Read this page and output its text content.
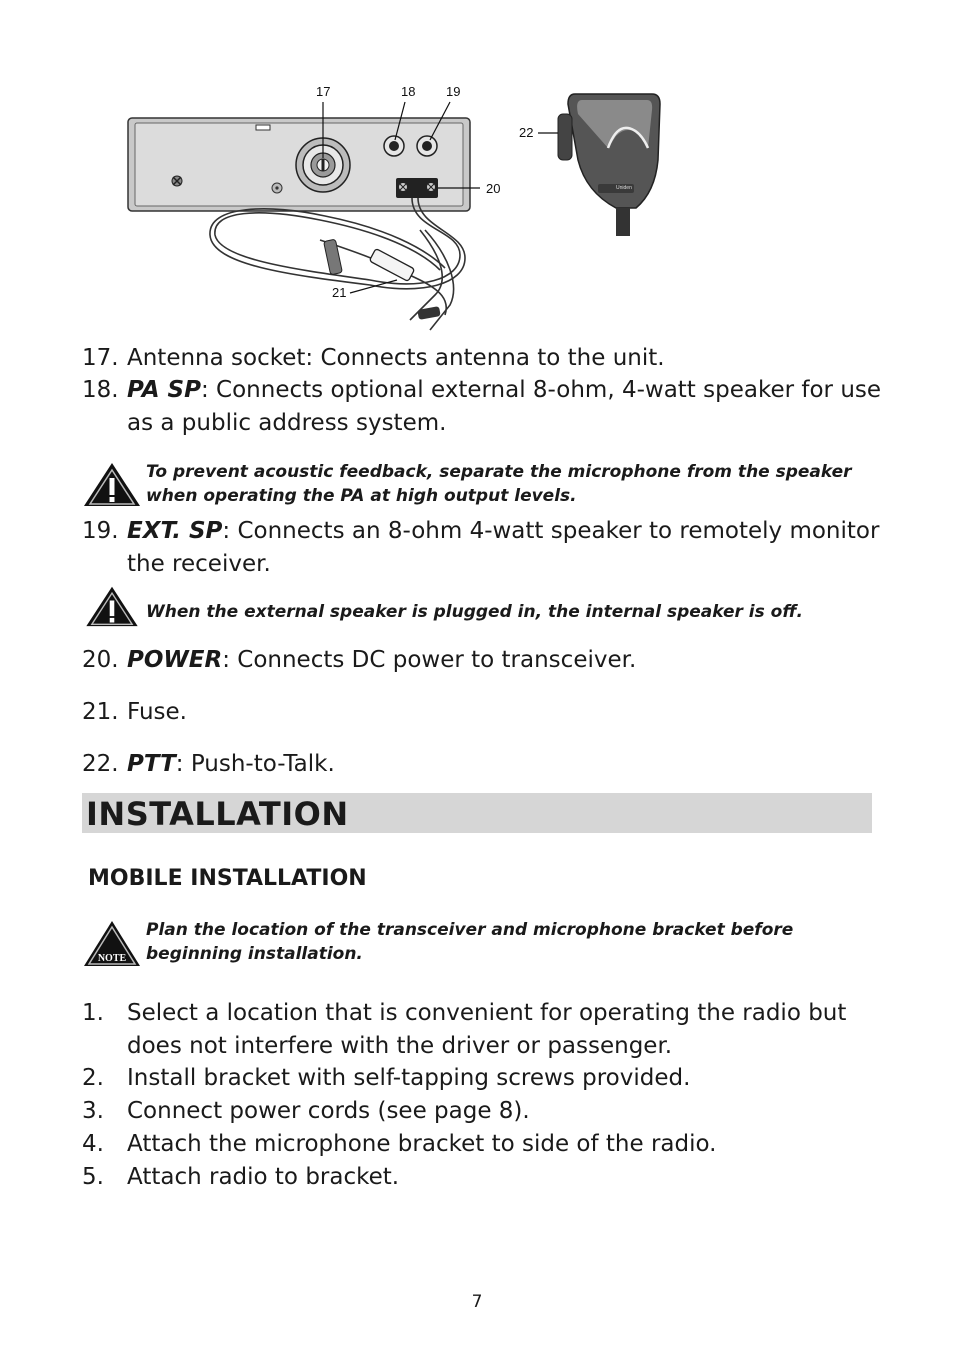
Uniden
17	18 19
20
21
22
17. Antenna socket: Connects antenna to the unit.
18. PA SP: Connects optional external 8-ohm, 4-watt speaker for use as a public address system.
To prevent acoustic feedback, separate the microphone from the speaker when operating the PA at high output levels.
19. EXT. SP: Connects an 8-ohm 4-watt speaker to remotely monitor the receiver.
When the external speaker is plugged in, the internal speaker is off.
20. POWER: Connects DC power to transceiver.
21. Fuse.
22. PTT: Push-to-Talk.
INSTALLATION
MOBILE INSTALLATION
NOTE
Plan the location of the transceiver and microphone bracket before beginning installation.
1. Select a location that is convenient for operating the radio but does not interfere with the driver or passenger.
2. Install bracket with self-tapping screws provided.
3. Connect power cords (see page 8).
4. Attach the microphone bracket to side of the radio.
5. Attach radio to bracket.
7
